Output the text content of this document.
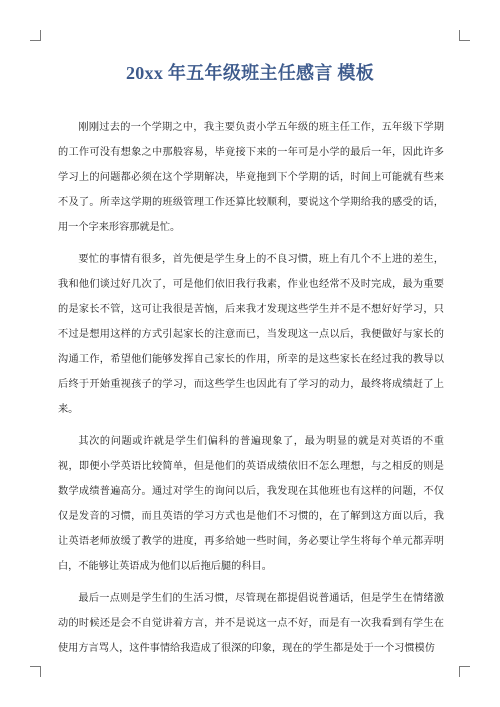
20xx 年五年级班主任感言 模板

刚刚过去的一个学期之中，我主要负责小学五年级的班主任工作，五年级下学期的工作可没有想象之中那般容易，毕竟接下来的一年可是小学的最后一年，因此许多学习上的问题都必须在这个学期解决，毕竟拖到下个学期的话，时间上可能就有些来不及了。所幸这学期的班级管理工作还算比较顺利，要说这个学期给我的感受的话，用一个字来形容那就是忙。

要忙的事情有很多，首先便是学生身上的不良习惯，班上有几个不上进的差生，我和他们谈过好几次了，可是他们依旧我行我素，作业也经常不及时完成，最为重要的是家长不管，这可让我很是苦恼，后来我才发现这些学生并不是不想好好学习，只不过是想用这样的方式引起家长的注意而已，当发现这一点以后，我便做好与家长的沟通工作，希望他们能够发挥自己家长的作用，所幸的是这些家长在经过我的教导以后终于开始重视孩子的学习，而这些学生也因此有了学习的动力，最终将成绩赶了上来。

其次的问题或许就是学生们偏科的普遍现象了，最为明显的就是对英语的不重视，即便小学英语比较简单，但是他们的英语成绩依旧不怎么理想，与之相反的则是数学成绩普遍高分。通过对学生的询问以后，我发现在其他班也有这样的问题，不仅仅是发音的习惯，而且英语的学习方式也是他们不习惯的，在了解到这方面以后，我让英语老师放缓了教学的进度，再多给她一些时间，务必要让学生将每个单元都弄明白，不能够让英语成为他们以后拖后腿的科目。

最后一点则是学生们的生活习惯，尽管现在都提倡说普通话，但是学生在情绪激动的时候还是会不自觉讲着方言，并不是说这一点不好，而是有一次我看到有学生在使用方言骂人，这件事情给我造成了很深的印象，现在的学生都是处于一个习惯模仿
